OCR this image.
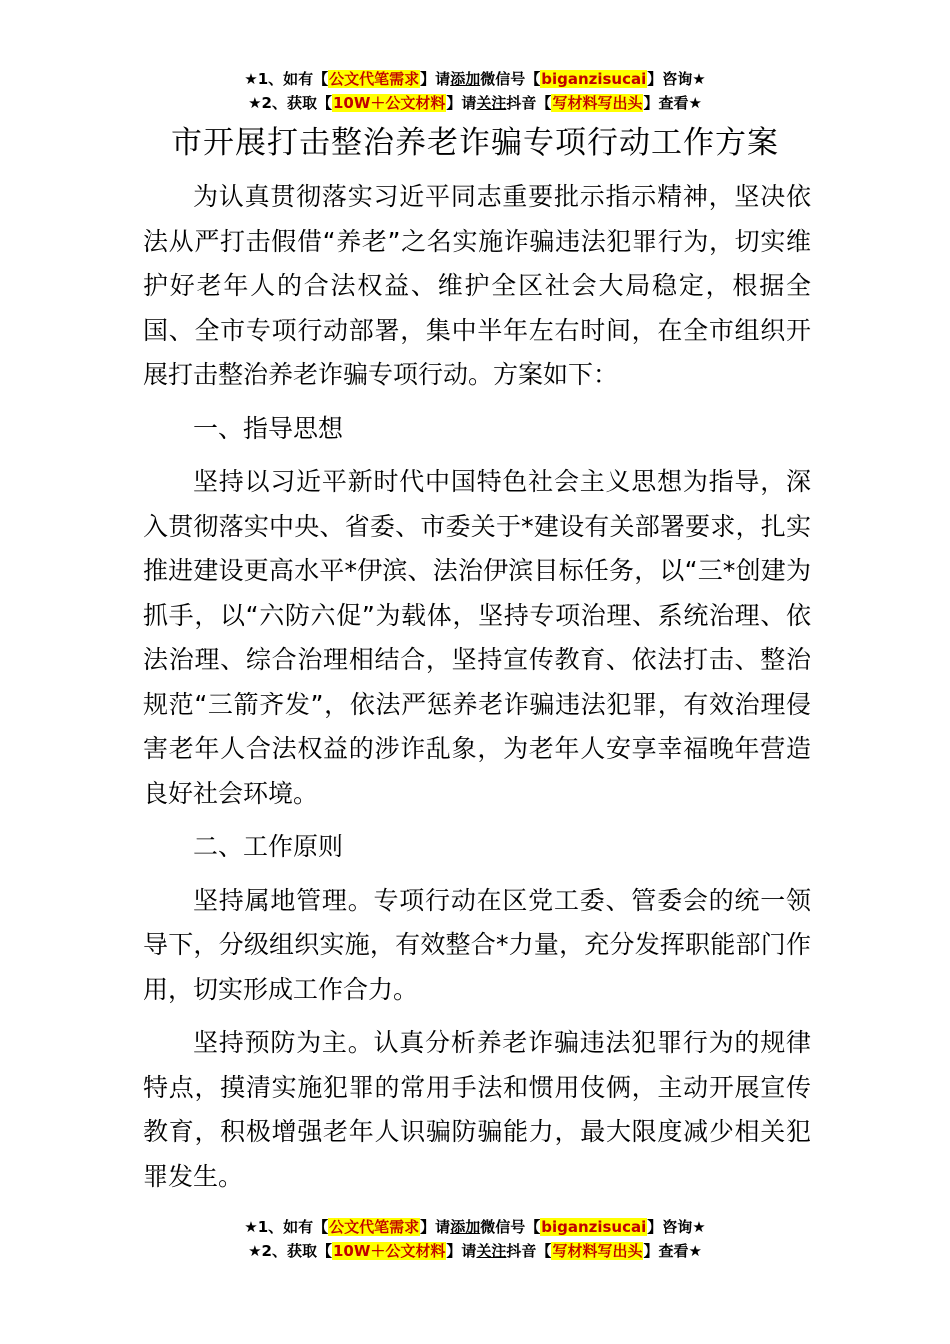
★1、如有【公文代笔需求】请添加微信号【biganzisucai】咨询★
★2、获取【10W＋公文材料】请关注抖音【写材料写出头】查看★
市开展打击整治养老诈骗专项行动工作方案

为认真贯彻落实习近平同志重要批示指示精神，坚决依法从严打击假借“养老”之名实施诈骗违法犯罪行为，切实维护好老年人的合法权益、维护全区社会大局稳定，根据全国、全市专项行动部署，集中半年左右时间，在全市组织开展打击整治养老诈骗专项行动。方案如下：

一、指导思想

坚持以习近平新时代中国特色社会主义思想为指导，深入贯彻落实中央、省委、市委关于*建设有关部署要求，扎实推进建设更高水平*伊滨、法治伊滨目标任务，以“三*创建为抓手，以“六防六促”为载体，坚持专项治理、系统治理、依法治理、综合治理相结合，坚持宣传教育、依法打击、整治规范“三箭齐发”，依法严惩养老诈骗违法犯罪，有效治理侵害老年人合法权益的涉诈乱象，为老年人安享幸福晚年营造良好社会环境。

二、工作原则

坚持属地管理。专项行动在区党工委、管委会的统一领导下，分级组织实施，有效整合*力量，充分发挥职能部门作用，切实形成工作合力。

坚持预防为主。认真分析养老诈骗违法犯罪行为的规律特点，摸清实施犯罪的常用手法和惯用伎俩，主动开展宣传教育，积极增强老年人识骗防骗能力，最大限度减少相关犯罪发生。

★1、如有【公文代笔需求】请添加微信号【biganzisucai】咨询★
★2、获取【10W＋公文材料】请关注抖音【写材料写出头】查看★
